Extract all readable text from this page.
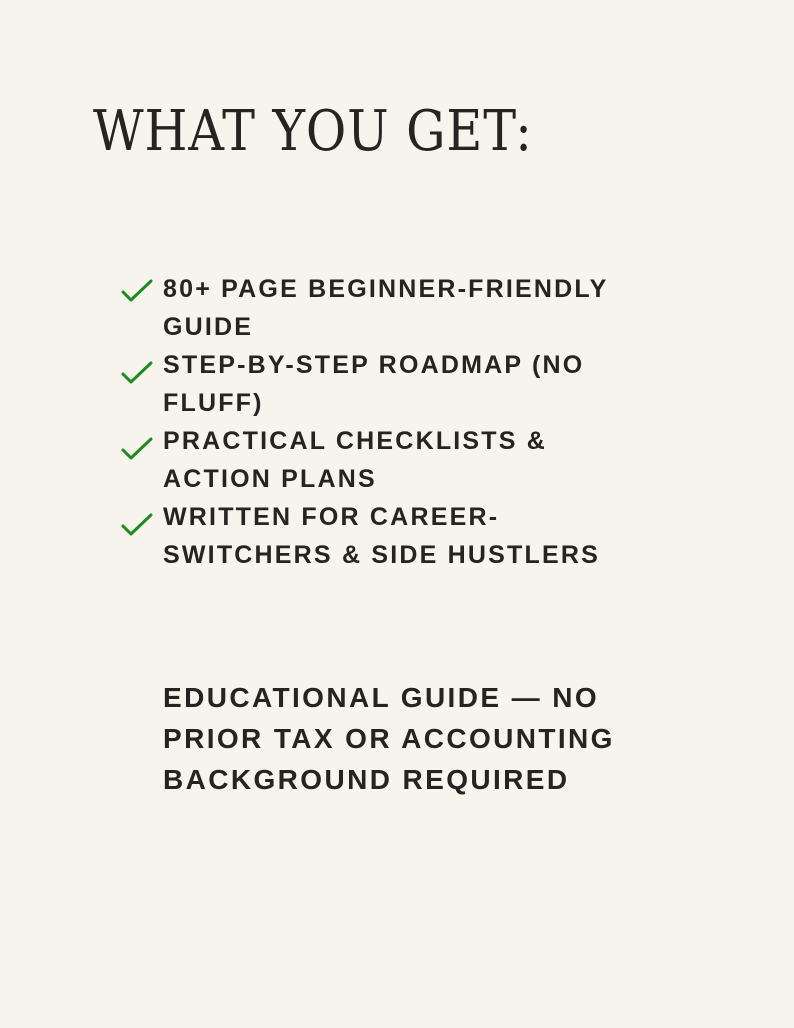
WHAT YOU GET:
80+ PAGE BEGINNER-FRIENDLY GUIDE
STEP-BY-STEP ROADMAP (NO FLUFF)
PRACTICAL CHECKLISTS & ACTION PLANS
WRITTEN FOR CAREER-SWITCHERS & SIDE HUSTLERS

EDUCATIONAL GUIDE — NO PRIOR TAX OR ACCOUNTING BACKGROUND REQUIRED
